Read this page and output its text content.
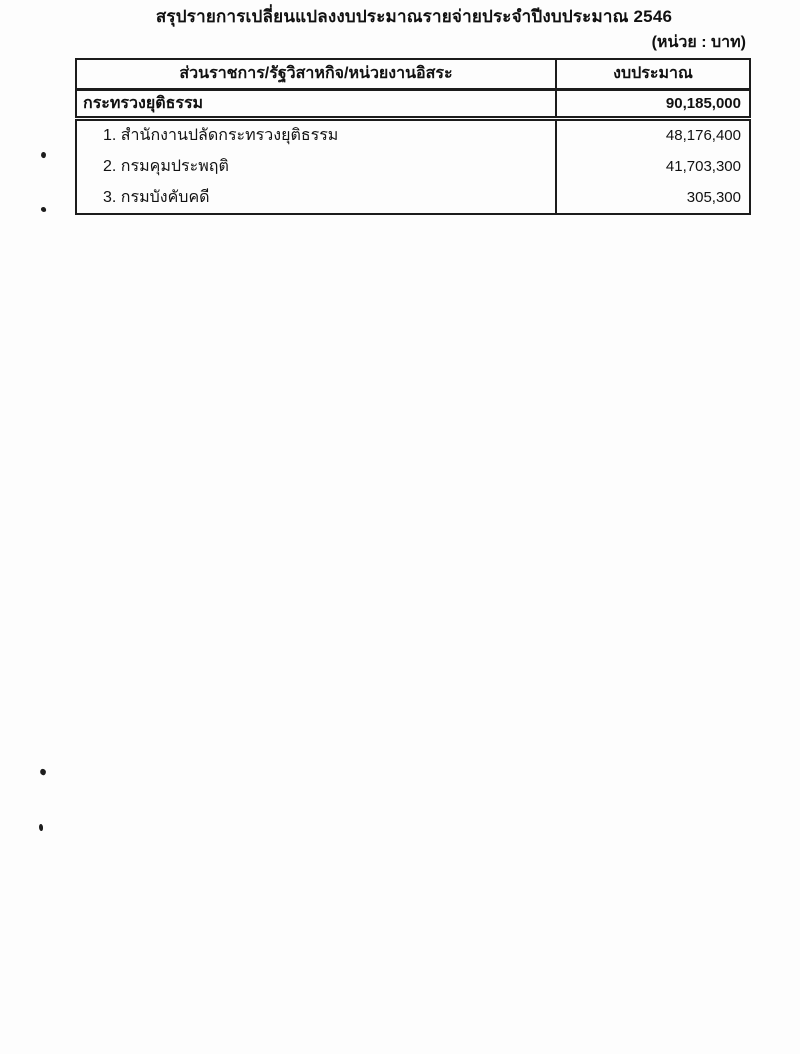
สรุปรายการเปลี่ยนแปลงงบประมาณรายจ่ายประจำปีงบประมาณ 2546
(หน่วย : บาท)
ส่วนราชการ/รัฐวิสาหกิจ/หน่วยงานอิสระ	งบประมาณ
กระทรวงยุติธรรม	90,185,000
1. สำนักงานปลัดกระทรวงยุติธรรม	48,176,400
2. กรมคุมประพฤติ	41,703,300
3. กรมบังคับคดี	305,300
